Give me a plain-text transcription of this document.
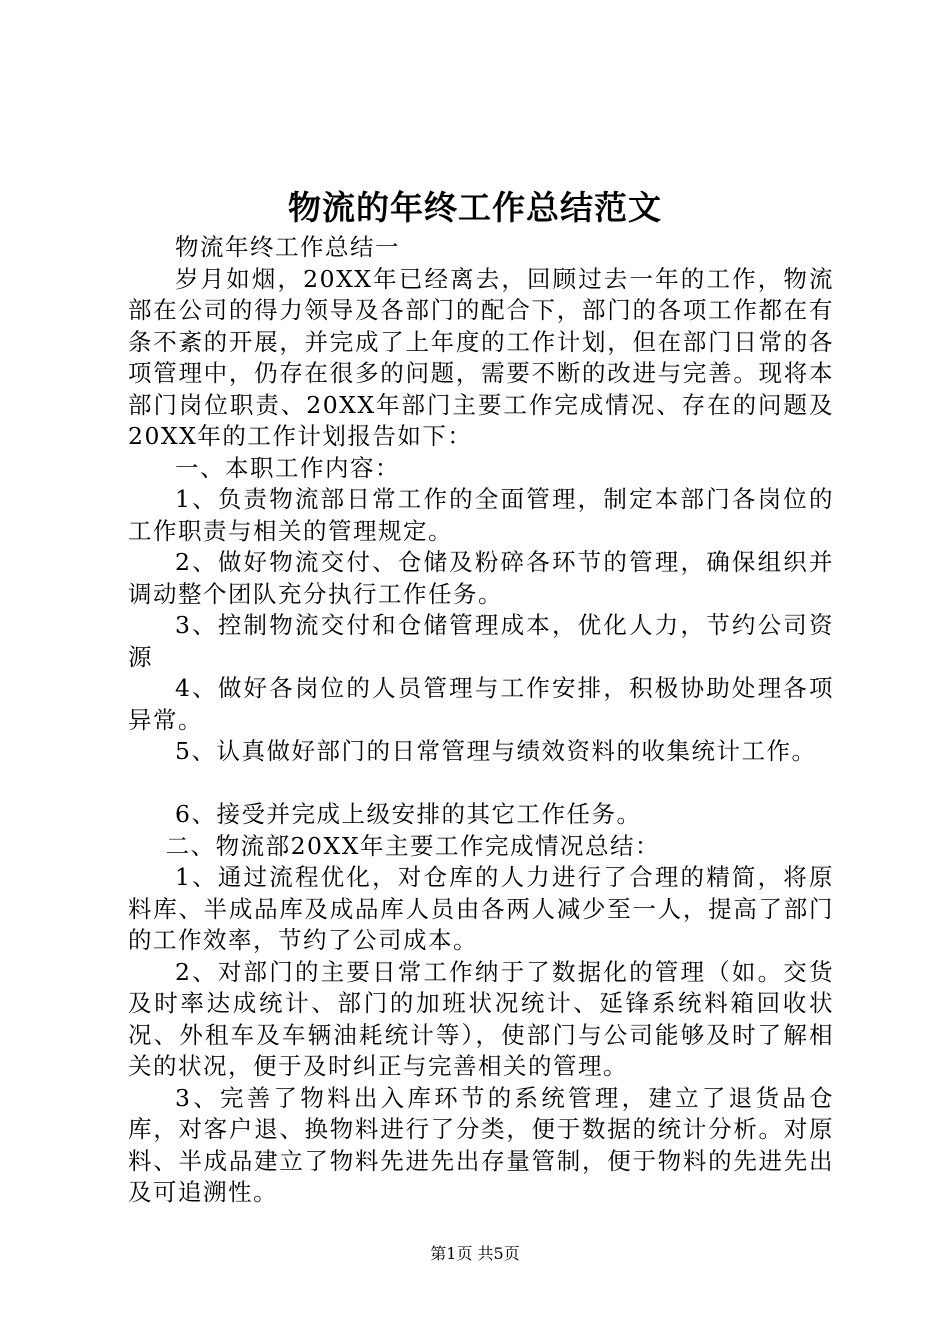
物流的年终工作总结范文

物流年终工作总结一

岁月如烟，20XX年已经离去，回顾过去一年的工作，物流部在公司的得力领导及各部门的配合下，部门的各项工作都在有条不紊的开展，并完成了上年度的工作计划，但在部门日常的各项管理中，仍存在很多的问题，需要不断的改进与完善。现将本部门岗位职责、20XX年部门主要工作完成情况、存在的问题及20XX年的工作计划报告如下：

一、本职工作内容：

1、负责物流部日常工作的全面管理，制定本部门各岗位的工作职责与相关的管理规定。

2、做好物流交付、仓储及粉碎各环节的管理，确保组织并调动整个团队充分执行工作任务。

3、控制物流交付和仓储管理成本，优化人力，节约公司资源

4、做好各岗位的人员管理与工作安排，积极协助处理各项异常。

5、认真做好部门的日常管理与绩效资料的收集统计工作。

6、接受并完成上级安排的其它工作任务。

二、物流部20XX年主要工作完成情况总结：

1、通过流程优化，对仓库的人力进行了合理的精简，将原料库、半成品库及成品库人员由各两人减少至一人，提高了部门的工作效率，节约了公司成本。

2、对部门的主要日常工作纳于了数据化的管理（如。交货及时率达成统计、部门的加班状况统计、延锋系统料箱回收状况、外租车及车辆油耗统计等），使部门与公司能够及时了解相关的状况，便于及时纠正与完善相关的管理。

3、完善了物料出入库环节的系统管理，建立了退货品仓库，对客户退、换物料进行了分类，便于数据的统计分析。对原料、半成品建立了物料先进先出存量管制，便于物料的先进先出及可追溯性。

第1页 共5页
